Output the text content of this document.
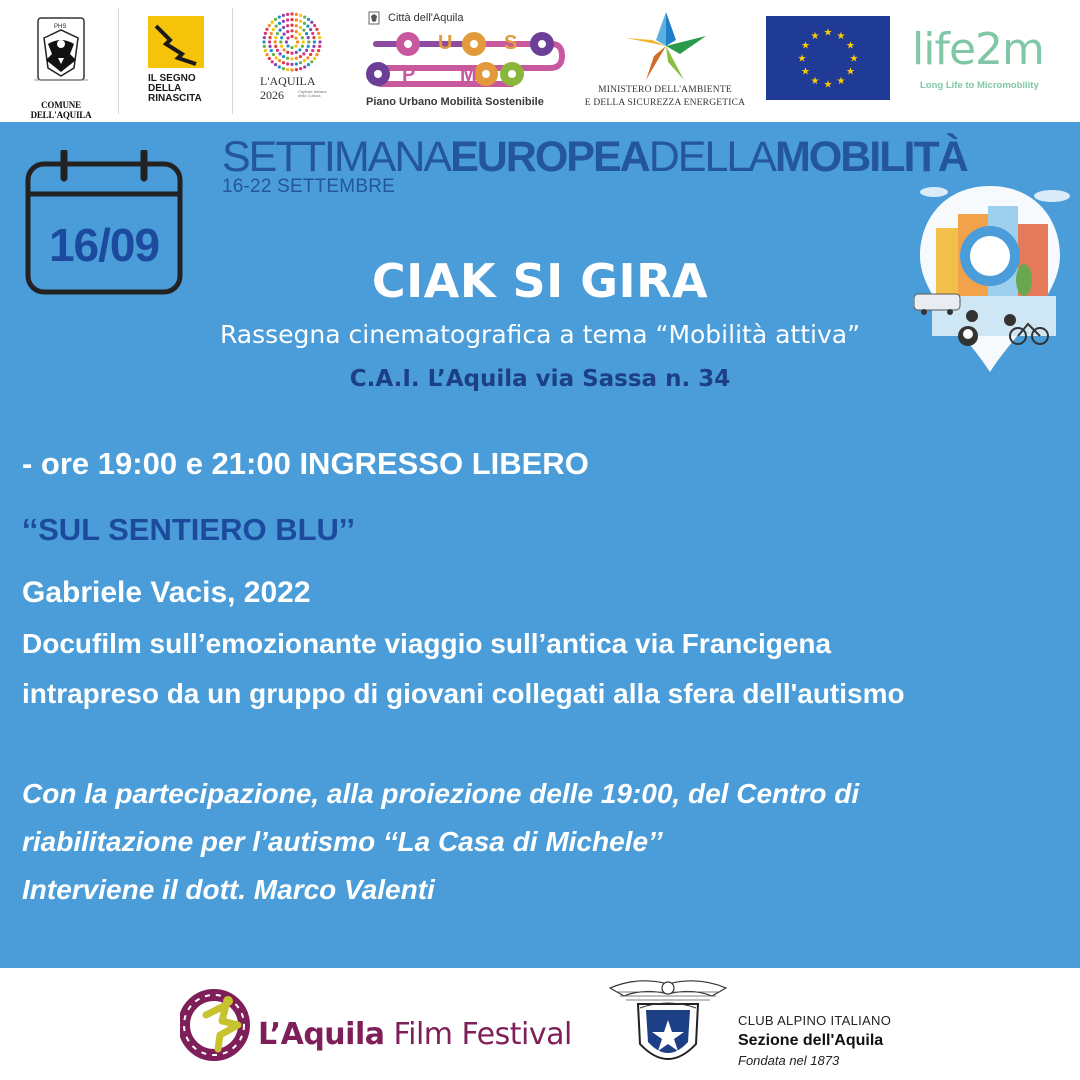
PHS
COMUNE DELL'AQUILA
IL SEGNO
DELLA
RINASCITA
L'AQUILA
2026	Capitale italiana della Cultura
Città dell'Aquila
U	S
P M
Piano Urbano Mobilità Sostenibile
MINISTERO DELL'AMBIENTE
E DELLA SICUREZZA ENERGETICA
★ ★
★
★
★
★
★
★
★
★
★
★ life2m
Long Life to Micromobility
16/09
SETTIMANAEUROPEADELLAMOBILITÀ
16-22 SETTEMBRE
CIAK SI GIRA
Rassegna cinematografica a tema “Mobilità attiva”
C.A.I. L’Aquila via Sassa n. 34
- ore 19:00 e 21:00 INGRESSO LIBERO
‘‘SUL SENTIERO BLU’’
Gabriele Vacis, 2022
Docufilm sull’emozionante viaggio sull’antica via Francigena
intrapreso da un gruppo di giovani collegati alla sfera dell'autismo
Con la partecipazione, alla proiezione delle 19:00, del Centro di
riabilitazione per l’autismo ‘‘La Casa di Michele’’
Interviene il dott. Marco Valenti
L’Aquila Film Festival	CLUB ALPINO ITALIANO
Sezione dell'Aquila
Fondata nel 1873
